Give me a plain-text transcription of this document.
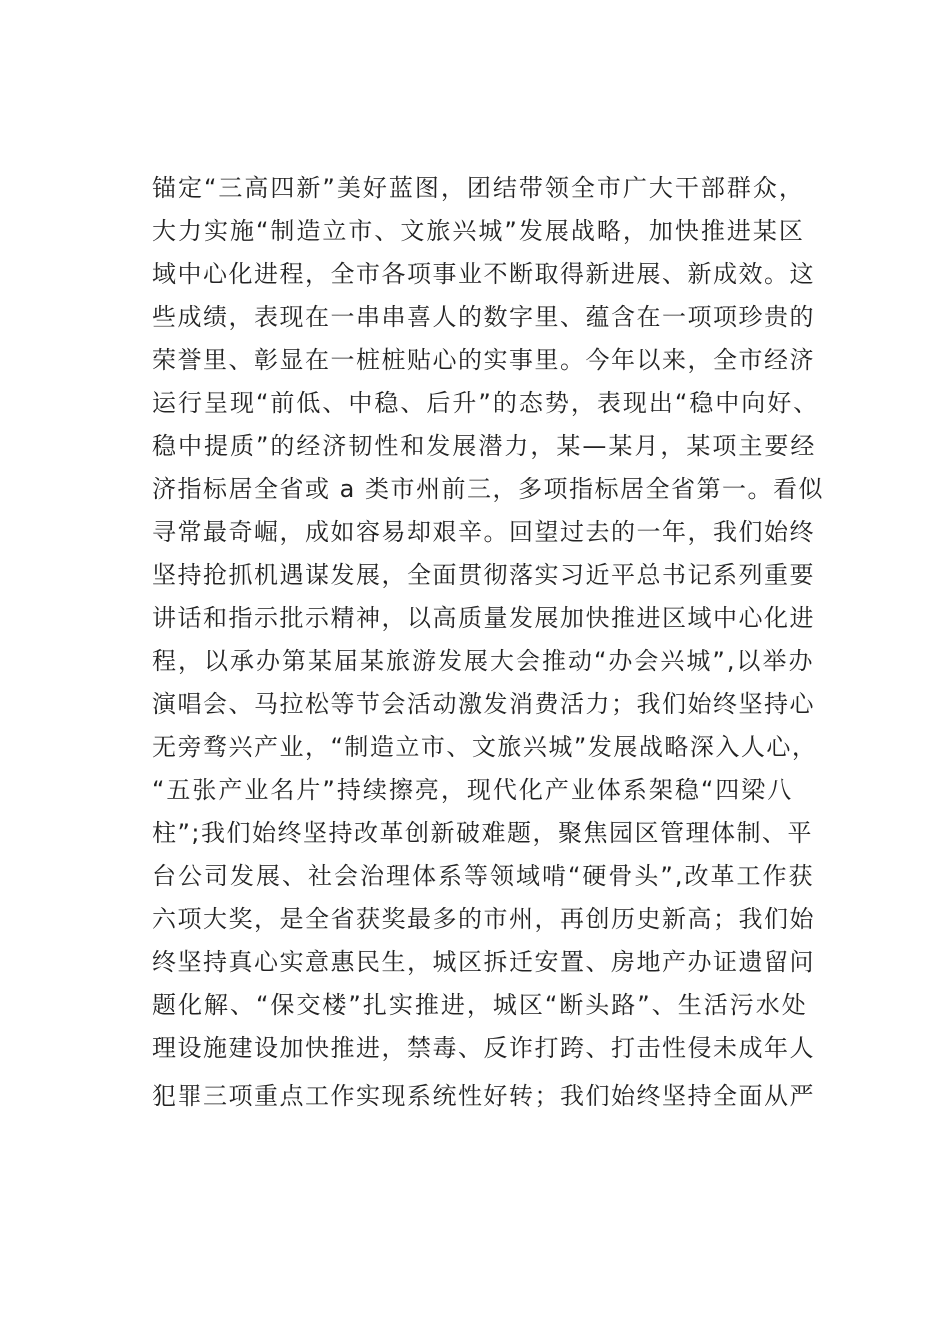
锚定“三高四新”美好蓝图，团结带领全市广大干部群众，
大力实施“制造立市、文旅兴城”发展战略，加快推进某区
域中心化进程，全市各项事业不断取得新进展、新成效。这
些成绩，表现在一串串喜人的数字里、蕴含在一项项珍贵的
荣誉里、彰显在一桩桩贴心的实事里。今年以来，全市经济
运行呈现“前低、中稳、后升”的态势，表现出“稳中向好、
稳中提质”的经济韧性和发展潜力，某—某月，某项主要经
济指标居全省或 a 类市州前三，多项指标居全省第一。看似
寻常最奇崛，成如容易却艰辛。回望过去的一年，我们始终
坚持抢抓机遇谋发展，全面贯彻落实习近平总书记系列重要
讲话和指示批示精神，以高质量发展加快推进区域中心化进
程，以承办第某届某旅游发展大会推动“办会兴城”,以举办
演唱会、马拉松等节会活动激发消费活力；我们始终坚持心
无旁骛兴产业，“制造立市、文旅兴城”发展战略深入人心，
“五张产业名片”持续擦亮，现代化产业体系架稳“四梁八
柱”;我们始终坚持改革创新破难题，聚焦园区管理体制、平
台公司发展、社会治理体系等领域啃“硬骨头”,改革工作获
六项大奖，是全省获奖最多的市州，再创历史新高；我们始
终坚持真心实意惠民生，城区拆迁安置、房地产办证遗留问
题化解、“保交楼”扎实推进，城区“断头路”、生活污水处
理设施建设加快推进，禁毒、反诈打跨、打击性侵未成年人
犯罪三项重点工作实现系统性好转；我们始终坚持全面从严
